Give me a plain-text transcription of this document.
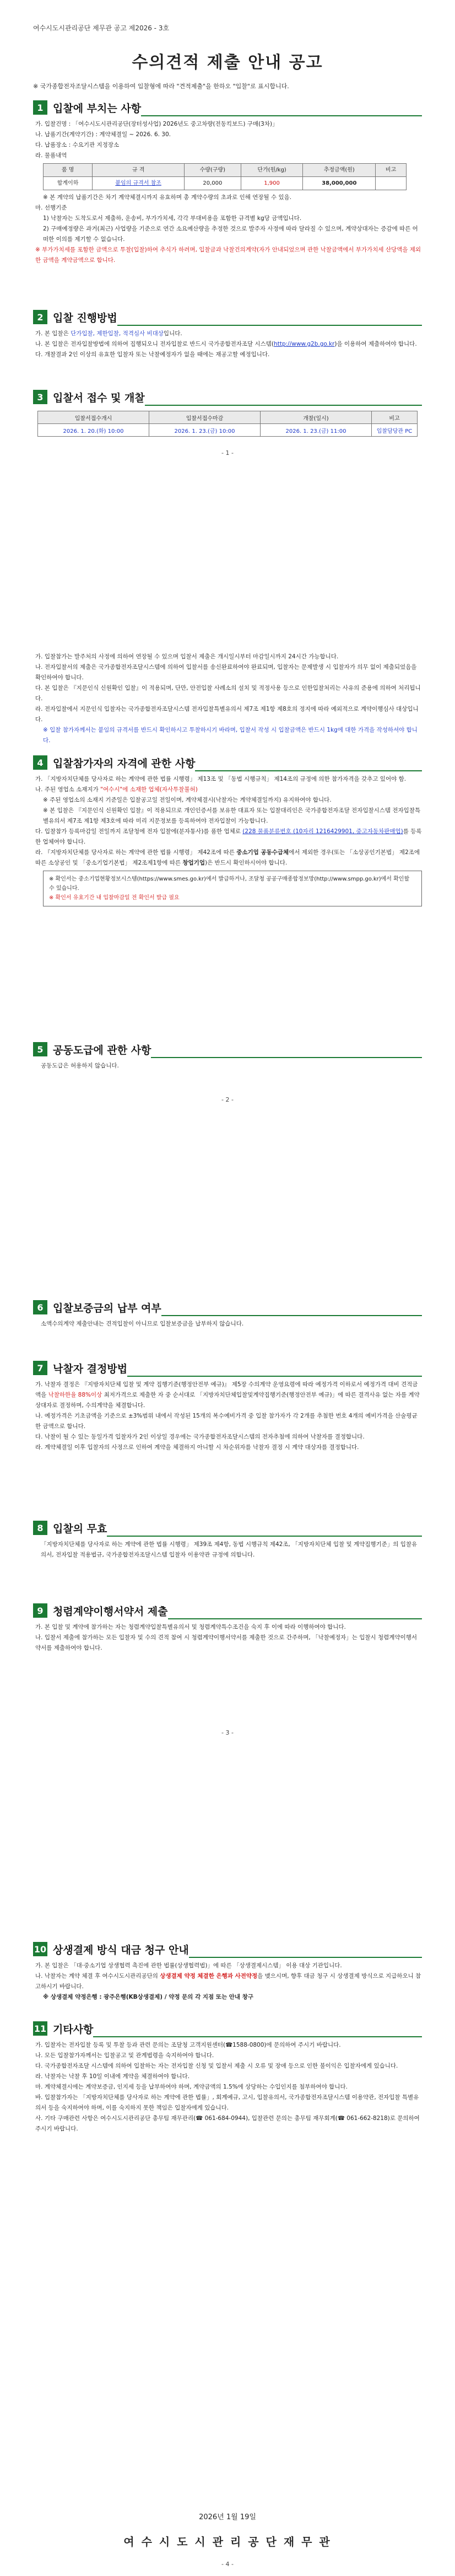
여수시도시관리공단 제무관 공고 제2026 - 3호
수의견적 제출 안내 공고
※ 국가종합전자조달시스템을 이용하여 입찰형에 따라 "견적제출"을 한하오 "입찰"로 표시합니다.
1 입찰에 부치는 사항

가. 입찰건명 : 「여수시도시관리공단(장터성사업) 2026년도 중고차량(전동킥보드) 구매(3차)」

나. 납품기간(계약기간) : 계약체결일 ~ 2026. 6. 30.

다. 납품장소 : 수요기관 지정장소

라. 물품내역

품 명	규 격	수량(구량)	단가(원/kg)	추정금액(원)	비고
합계이하	붙임의 규격서 참조	20,000	1,900	38,000,000	

※ 본 계약의 납품기간은 차기 계약체결시까지 유효하며 총 계약수량의 초과로 인해 연장될 수 있음.

마. 선행기준

1) 낙찰자는 도착도로서 제출하, 운송비, 부가가치세, 각각 부대비용을 포함한 규격별 kg당 금액입니다.

2) 구매예정량은 과거(최근) 사업량을 기준으로 연간 소요예산량을 추정한 것으로 발주자 사정에 따라 달라질 수 있으며, 계약상대자는 증감에 따른 어떠한 이의를 제기할 수 없습니다.

※ 부가가치세를 포함한 금액으로 투찰(입찰)하여 추식가 하려며, 입찰금과 낙찰건의계약(자가 안내되었으며 관한 낙찰금액에서 부가가치세 산당액을 제외한 금액을 계약금액으로 합니다.

2 입찰 진행방법

가. 본 입찰은 단가입찰, 제한입찰, 적격심사 비대상입니다.

나. 본 입찰은 전자입찰방법에 의하여 집행되오니 전자입찰로 반드시 국가종합전자조달 시스템(http://www.g2b.go.kr)을 이용하여 제출하여야 합니다.

다. 개찰결과 2인 이상의 유효한 입찰자 또는 낙찰예정자가 없을 때에는 재공고할 예정입니다.

3 입찰서 접수 및 개찰
입찰서접수개시	입찰서접수마감	개찰(일시)	비고
2026. 1. 20.(화) 10:00	2026. 1. 23.(금) 10:00	2026. 1. 23.(금) 11:00	입찰담당관 PC
- 1 -

가. 입찰참가는 발주처의 사정에 의하여 연장될 수 있으며 입찰서 제출은 개시일시부터 마감일시까지 24시간 가능합니다.

나. 전자입찰서의 제출은 국가종합전자조달시스템에 의하여 입찰서를 송신완료하여야 완료되며, 입찰자는 문제발생 시 입찰자가 의무 없이 제출되었음을 확인하여야 합니다.

다. 본 입찰은 『지문인식 신원확인 입찰』이 적용되며, 단만, 안전입찰 사례소의 설치 및 적정사용 등으로 인한입찰처리는 사유의 준용에 의하여 처리됩니다.

라. 전자입찰에서 지문인식 입찰자는 국가종합전자조달시스템 전자입찰특별유의서 제7조 제1항 제8호의 정지에 따라 예외적으로 계약이행심사 대상입니다.

※ 입찰 참가자께서는 붙임의 규격서를 반드시 확인하시고 투찰하시기 바라며, 입찰서 작성 시 입찰금액은 반드시 1kg에 대한 가격을 작성하셔야 합니다.

4 입찰참가자의 자격에 관한 사항

가. 「지방자치단체를 당사자로 하는 계약에 관한 법률 시행령」 제13조 및 「동법 시행규칙」 제14조의 규정에 의한 참가자격을 갖추고 있어야 함.

나. 주된 영업소 소재지가 "여수시"에 소재한 업체(자사투찰불허)

※ 주된 영업소의 소재지 기준일은 입찰공고일 전일이며, 계약체결시(낙찰자는 계약체결일까지) 유지하여야 합니다.

※ 본 입찰은 『지문인식 신원확인 입찰』이 적용되므로 개인인증서를 보유한 대표자 또는 입찰대리인은 국가종합전자조달 전자입찰시스템 전자입찰특별유의서 제7조 제1항 제3호에 따라 미리 지문정보를 등록하여야 전자입찰이 가능합니다.

다. 입찰참가 등록마감일 전일까지 조달청에 전자 입찰에(분자통사)를 품한 업체로 (228 물품분류번호 (10자리 1216429901, 중고자동차판매업)를 등록한 업체여야 합니다.

라. 『지방자치단체를 당사자로 하는 계약에 관한 법률 시행령」 제42조에 따른 중소기업 공동수급체에서 제외한 경우(또는 「소상공인기본법」 제2조에 따른 소상공인 및 「중소기업기본법」 제2조제1항에 따른 창업기업)은 반드시 확인하시어야 합니다.

※ 확인서는 중소기업현황정보시스템(https://www.smes.go.kr)에서 발급하거나, 조달청 공공구매종합정보망(http://www.smpp.go.kr)에서 확인할 수 있습니다.
※ 확인서 유효기간 내 입찰마감일 전 확인서 발급 필요
5 공동도급에 관한 사항

공동도급은 허용하지 않습니다.

- 2 -
6 입찰보증금의 납부 여부

소액수의계약 제출안내는 견적입찰이 아니므로 입찰보증금을 납부하지 않습니다.

7 낙찰자 결정방법

가. 낙찰자 결정은 『지방자치단체 입찰 및 계약 집행기준(행정안전부 예규)』 제5장 수의계약 운영요령에 따라 예정가격 이하로서 예정가격 대비 견적금액을 낙찰하한율 88%이상 최저가격으로 제출한 자 중 순서대로 「지방자치단체입찰및계약집행기준(행정안전부 예규)」에 따른 결격사유 없는 자를 계약상대자로 결정하며, 수의계약을 체결합니다.

나. 예정가격은 기초금액을 기준으로 ±3%범위 내에서 작성된 15개의 복수예비가격 중 입찰 참가자가 각 2개를 추첨한 번호 4개의 예비가격을 산술평균한 금액으로 합니다.

다. 낙찰이 될 수 있는 동일가격 입찰자가 2인 이상일 경우에는 국가종합전자조달시스템의 전자추첨에 의하여 낙찰자를 결정합니다.

라. 계약체결일 이후 입찰자의 사정으로 인하여 계약을 체결하지 아니할 시 차순위자를 낙찰자 결정 시 계약 대상자를 결정합니다.

8 입찰의 무효

「지방자치단체를 당사자로 하는 계약에 관한 법률 시행령」 제39조 제4항, 동법 시행규칙 제42조, 「지방자치단체 입찰 및 계약집행기준」의 입찰유의서, 전자입찰 적용법규, 국가종합전자조달시스템 입찰자 이용약관 규정에 의합니다.

9 청렴계약이행서약서 제출

가. 본 입찰 및 계약에 참가하는 자는 청렴계약입찰특별유의서 및 청렴계약특수조건을 숙지 후 이에 따라 이행하여야 합니다.

나. 입찰서 제출에 참가하는 모든 입찰자 및 수의 견적 참여 시 청렴계약이행서약서를 제출한 것으로 간주하며, 「낙찰예정자」는 입찰시 청렴계약이행서약서를 제출하여야 합니다.

- 3 -
10 상생결제 방식 대금 청구 안내

가. 본 입찰은 「대·중소기업 상생협력 촉진에 관한 법률(상생협력법)」에 따른 「상생결제시스템」 이용 대상 기관입니다.

나. 낙찰자는 계약 체결 후 여수시도시관리공단의 상생결제 약정 체결한 은행과 사전약정을 맺으시며, 향후 대금 청구 시 상생결제 방식으로 지급하오니 참고하시기 바랍니다.

※ 상생결제 약정은행 : 광주은행(KB상생결제) / 약정 문의 각 지점 또는 안내 창구

11 기타사항

가. 입찰자는 전자입찰 등록 및 투찰 등과 관련 문의는 조달청 고객지원센터(☎1588-0800)에 문의하여 주시기 바랍니다.

나. 모든 입찰참가자께서는 입찰공고 및 관계법령을 숙지하여야 합니다.

다. 국가종합전자조달 시스템에 의하여 입찰하는 자는 전자입찰 신청 및 입찰서 제출 시 오류 및 장애 등으로 인한 불이익은 입찰자에게 있습니다.

라. 낙찰자는 낙찰 후 10일 이내에 계약을 체결하여야 합니다.

마. 계약체결시에는 계약보증금, 인지세 등을 납부하여야 하며, 계약금액의 1.5%에 상당하는 수입인지를 첨부하여야 합니다.

바. 입찰참가자는 「지방자치단체를 당사자로 하는 계약에 관한 법률」, 회계예규, 고시, 입찰유의서, 국가종합전자조달시스템 이용약관, 전자입찰 특별유의서 등을 숙지하여야 하며, 이를 숙지하지 못한 책임은 입찰자에게 있습니다.

사. 기타 구매관련 사항은 여수시도시관리공단 총무팀 재무관리(☎ 061-684-0944), 입찰관련 문의는 총무팀 재무회계(☎ 061-662-8218)로 문의하여 주시기 바랍니다.

2026년 1월 19일
여 수 시 도 시 관 리 공 단 재 무 관
- 4 -
